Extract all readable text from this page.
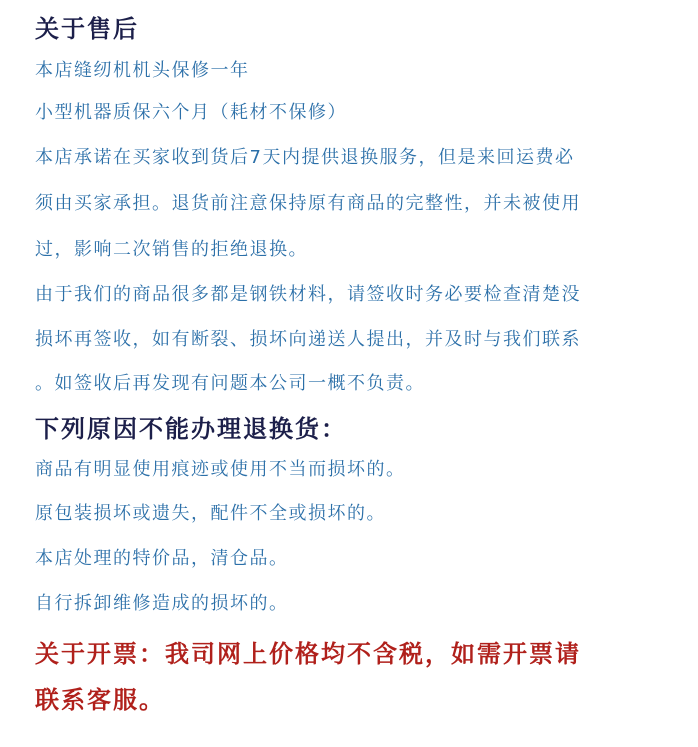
关于售后
本店缝纫机机头保修一年
小型机器质保六个月（耗材不保修）
本店承诺在买家收到货后7天内提供退换服务，但是来回运费必
须由买家承担。退货前注意保持原有商品的完整性，并未被使用
过，影响二次销售的拒绝退换。
由于我们的商品很多都是钢铁材料，请签收时务必要检查清楚没
损坏再签收，如有断裂、损坏向递送人提出，并及时与我们联系
。如签收后再发现有问题本公司一概不负责。
下列原因不能办理退换货：
商品有明显使用痕迹或使用不当而损坏的。
原包装损坏或遗失，配件不全或损坏的。
本店处理的特价品，清仓品。
自行拆卸维修造成的损坏的。
关于开票：我司网上价格均不含税，如需开票请
联系客服。
